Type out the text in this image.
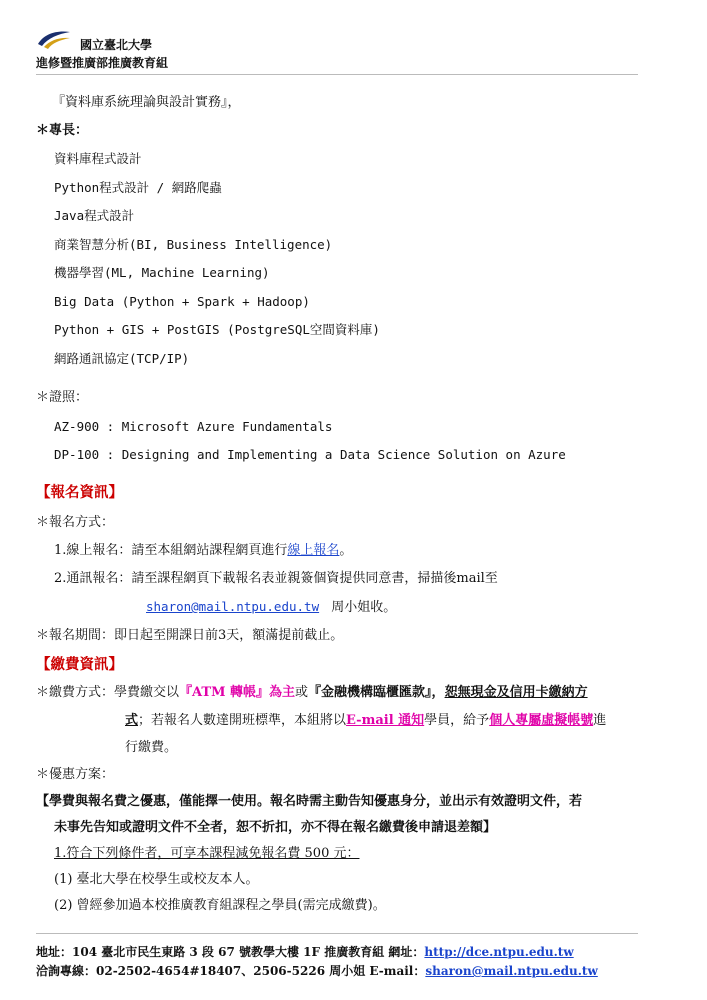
國立臺北大學
進修暨推廣部推廣教育組
『資料庫系統理論與設計實務』，
＊專長：
資料庫程式設計
Python程式設計 / 網路爬蟲
Java程式設計
商業智慧分析(BI, Business Intelligence)
機器學習(ML, Machine Learning)
Big Data (Python + Spark + Hadoop)
Python + GIS + PostGIS (PostgreSQL空間資料庫)
網路通訊協定(TCP/IP)
＊證照：
AZ-900 : Microsoft Azure Fundamentals
DP-100 : Designing and Implementing a Data Science Solution on Azure
【報名資訊】
＊報名方式：
1.線上報名：請至本組網站課程網頁進行線上報名。
2.通訊報名：請至課程網頁下載報名表並親簽個資提供同意書，掃描後mail至
sharon@mail.ntpu.edu.tw 周小姐收。
＊報名期間：即日起至開課日前3天，額滿提前截止。
【繳費資訊】
＊繳費方式：學費繳交以『ATM 轉帳』為主或『金融機構臨櫃匯款』，恕無現金及信用卡繳納方
式；若報名人數達開班標準，本組將以E-mail 通知學員，給予個人專屬虛擬帳號進
行繳費。
＊優惠方案：
【學費與報名費之優惠，僅能擇一使用。報名時需主動告知優惠身分，並出示有效證明文件，若
未事先告知或證明文件不全者，恕不折扣，亦不得在報名繳費後申請退差額】
1.符合下列條件者，可享本課程減免報名費 500 元：
(1) 臺北大學在校學生或校友本人。
(2) 曾經參加過本校推廣教育組課程之學員(需完成繳費)。
地址：104 臺北市民生東路 3 段 67 號教學大樓 1F 推廣教育組 網址：http://dce.ntpu.edu.tw
洽詢專線：02-2502-4654#18407、2506-5226 周小姐 E-mail：sharon@mail.ntpu.edu.tw
